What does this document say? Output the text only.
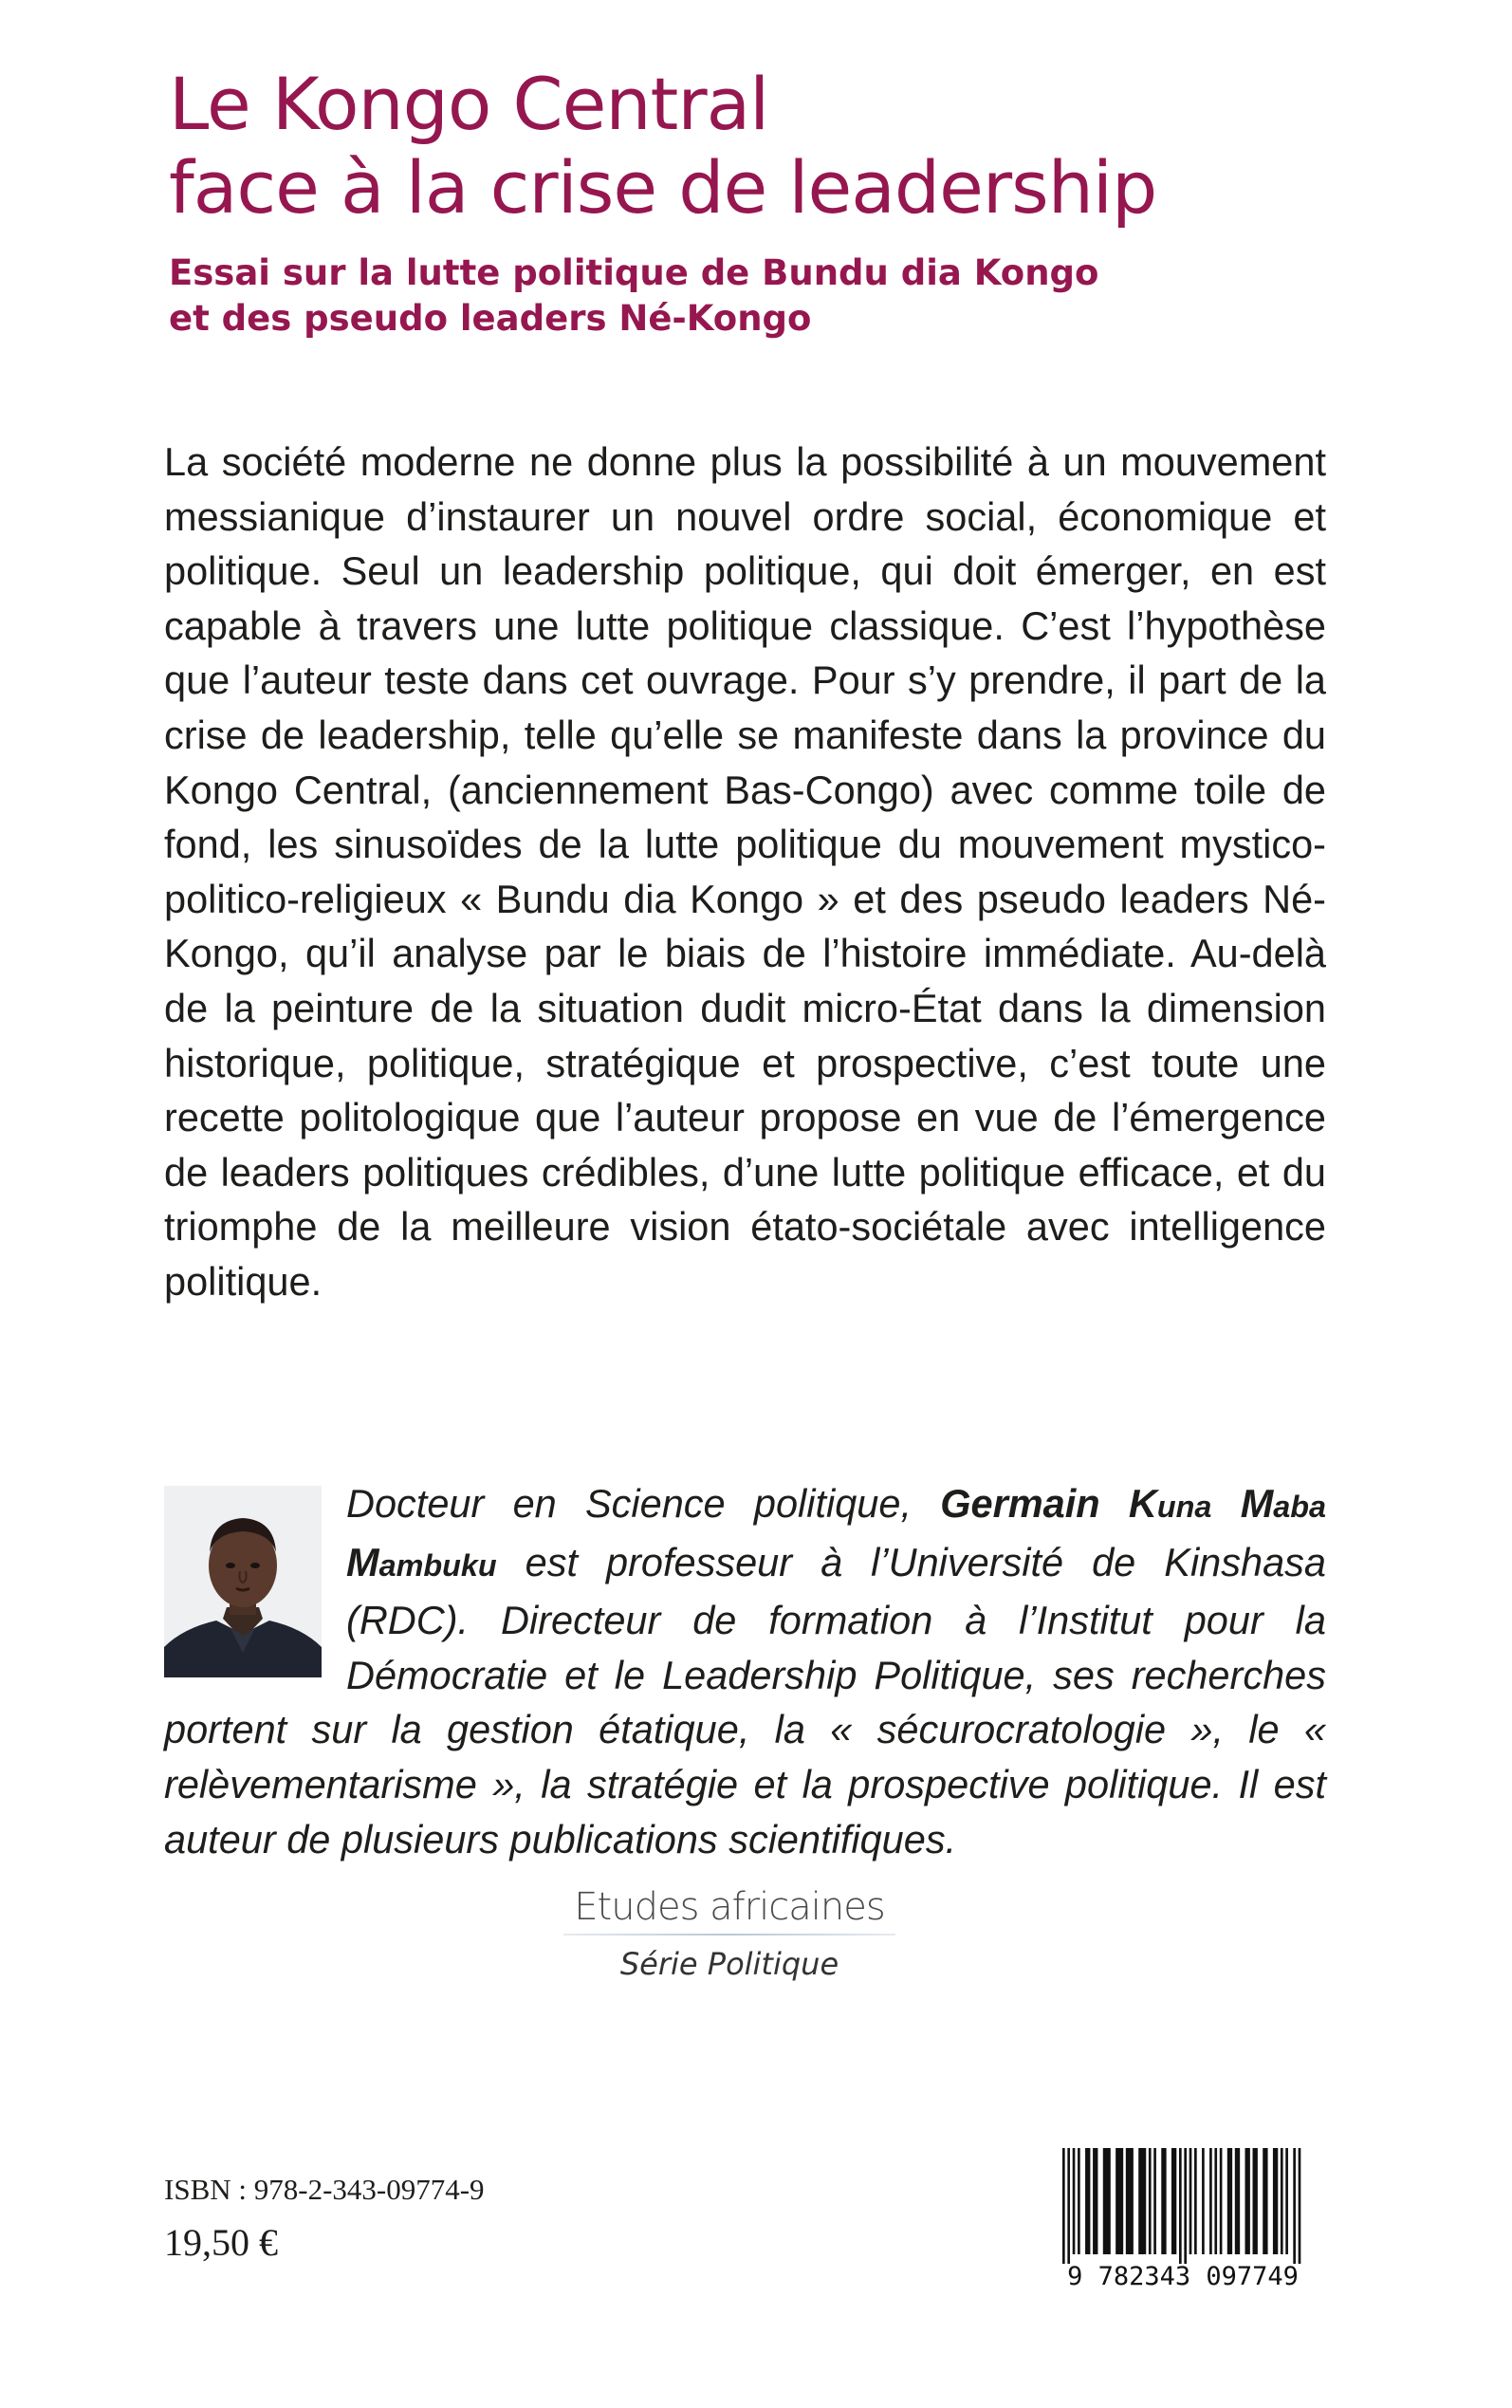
Le Kongo Central
face à la crise de leadership
Essai sur la lutte politique de Bundu dia Kongo
et des pseudo leaders Né-Kongo

La société moderne ne donne plus la possibilité à un mouvement messianique d’instaurer un nouvel ordre social, économique et politique. Seul un leadership politique, qui doit émerger, en est capable à travers une lutte politique classique. C’est l’hypothèse que l’auteur teste dans cet ouvrage. Pour s’y prendre, il part de la crise de leadership, telle qu’elle se manifeste dans la province du Kongo Central, (anciennement Bas-Congo) avec comme toile de fond, les sinusoïdes de la lutte politique du mouvement mystico-politico-religieux « Bundu dia Kongo » et des pseudo leaders Né-Kongo, qu’il analyse par le biais de l’histoire immédiate. Au-delà de la peinture de la situation dudit micro-État dans la dimension historique, politique, stratégique et prospective, c’est toute une recette politologique que l’auteur propose en vue de l’émergence de leaders politiques crédibles, d’une lutte politique efficace, et du triomphe de la meilleure vision étato-sociétale avec intelligence politique.

Docteur en Science politique, Germain Kuna Maba Mambuku est professeur à l’Université de Kinshasa (RDC). Directeur de formation à l’Institut pour la Démocratie et le Leadership Politique, ses recherches portent sur la gestion étatique, la « sécurocratologie », le « relèvementarisme », la stratégie et la prospective politique. Il est auteur de plusieurs publications scientifiques.

Etudes africaines
Série Politique
ISBN : 978-2-343-09774-9
19,50 €
9 782343 097749
